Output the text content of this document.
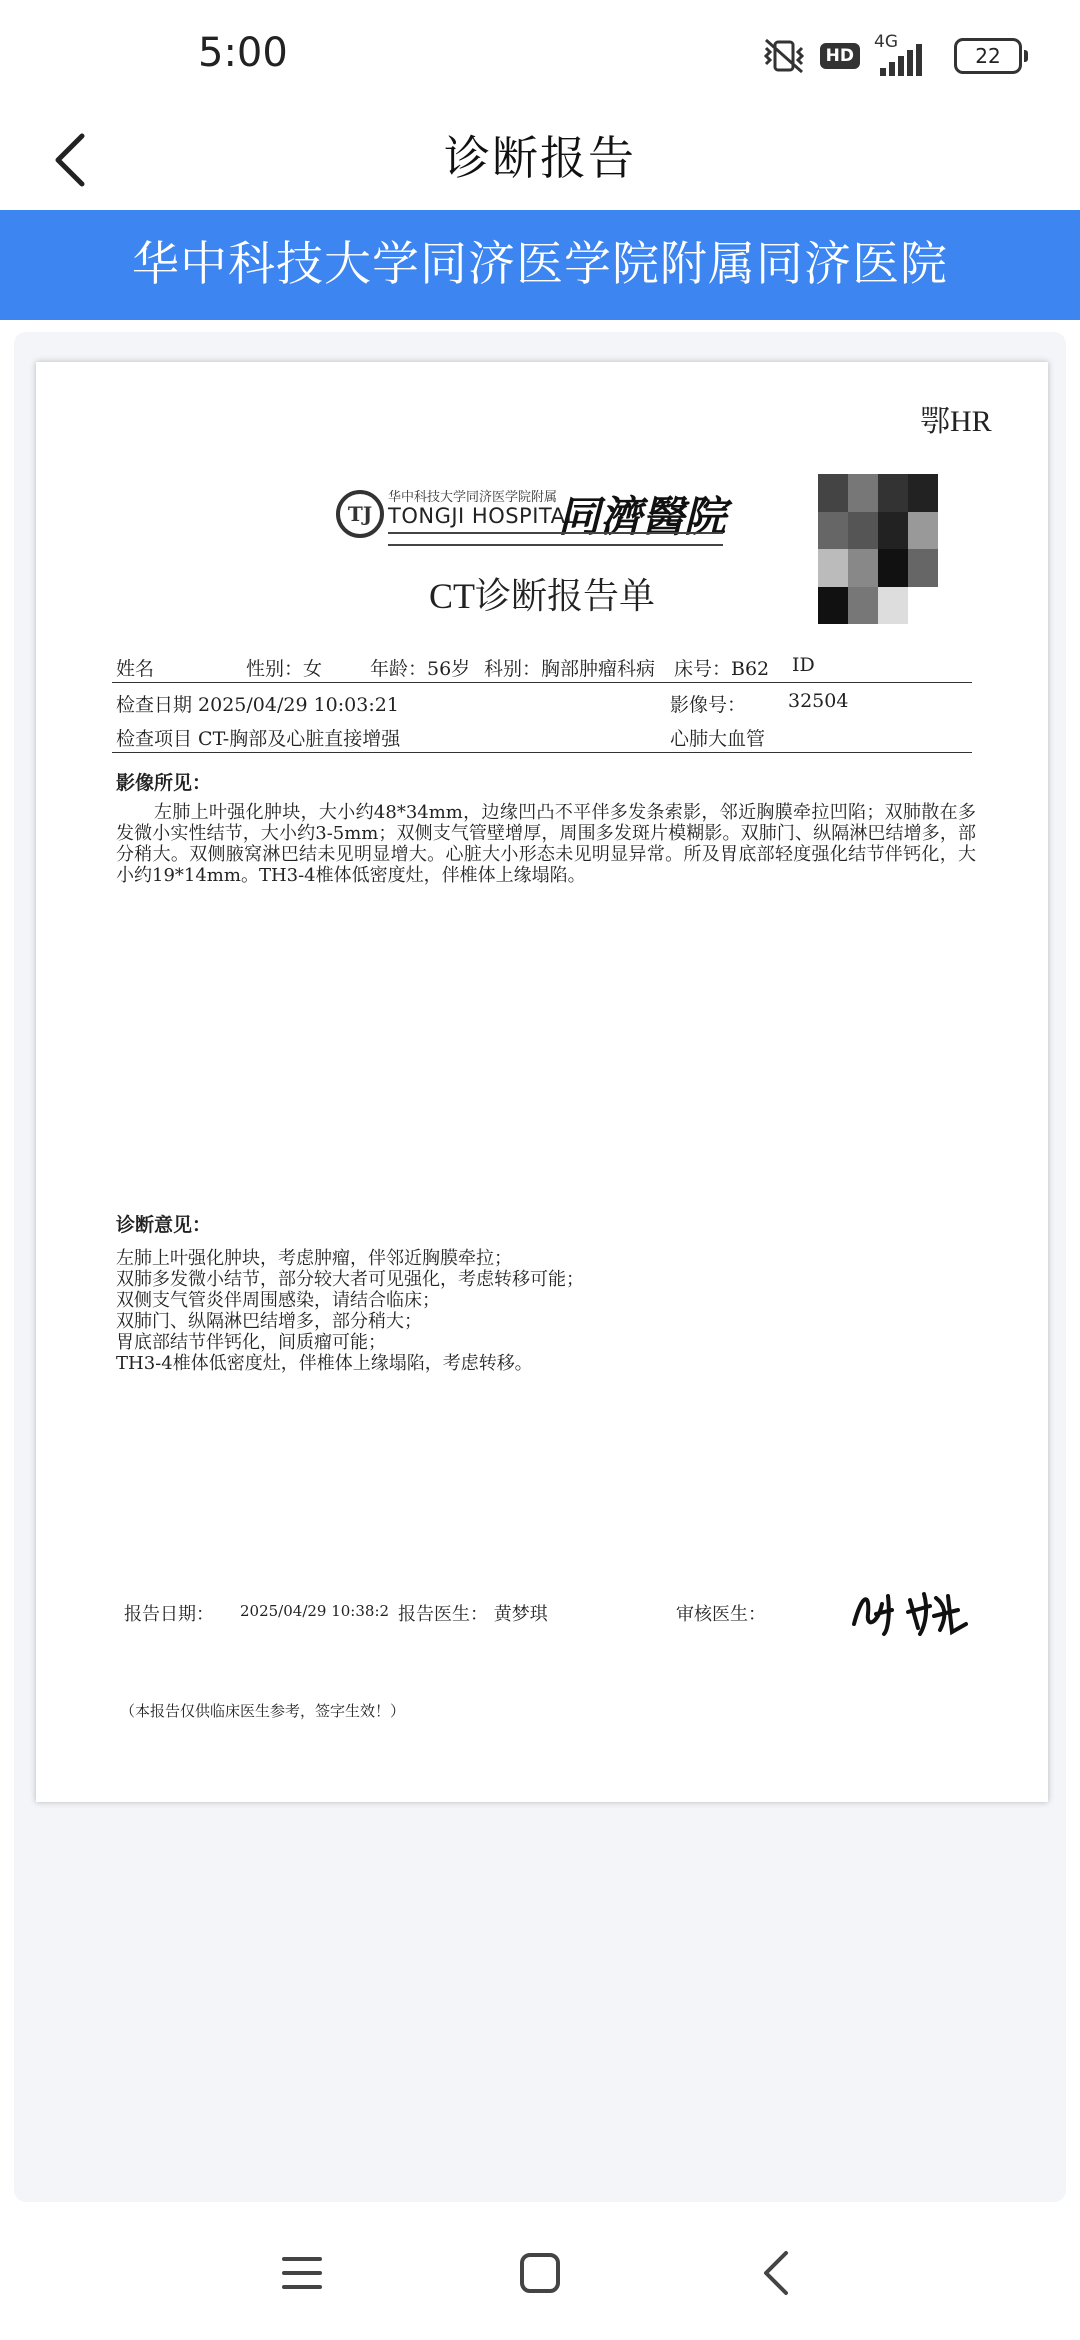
5:00	HD
4G
22
诊断报告
华中科技大学同济医学院附属同济医院
鄂HR
TJ
华中科技大学同济医学院附属
TONGJI HOSPITAL
同濟醫院
CT诊断报告单
姓名	性别：女	年龄：56岁 科别：胸部肿瘤科病 床号：B62 ID
检查日期 2025/04/29 10:03:21	影像号： 32504
检查项目 CT-胸部及心脏直接增强	心肺大血管
影像所见：
左肺上叶强化肿块，大小约48*34mm，边缘凹凸不平伴多发条索影，邻近胸膜牵拉凹陷；双肺散在多发微小实性结节，大小约3-5mm；双侧支气管壁增厚，周围多发斑片模糊影。双肺门、纵隔淋巴结增多，部分稍大。双侧腋窝淋巴结未见明显增大。心脏大小形态未见明显异常。所及胃底部轻度强化结节伴钙化，大小约19*14mm。TH3-4椎体低密度灶，伴椎体上缘塌陷。
诊断意见：
左肺上叶强化肿块，考虑肿瘤，伴邻近胸膜牵拉；
双肺多发微小结节，部分较大者可见强化，考虑转移可能；
双侧支气管炎伴周围感染，请结合临床；
双肺门、纵隔淋巴结增多，部分稍大；
胃底部结节伴钙化，间质瘤可能；
TH3-4椎体低密度灶，伴椎体上缘塌陷，考虑转移。
报告日期： 2025/04/29 10:38:2 报告医生： 黄梦琪	审核医生：
（本报告仅供临床医生参考，签字生效！）
